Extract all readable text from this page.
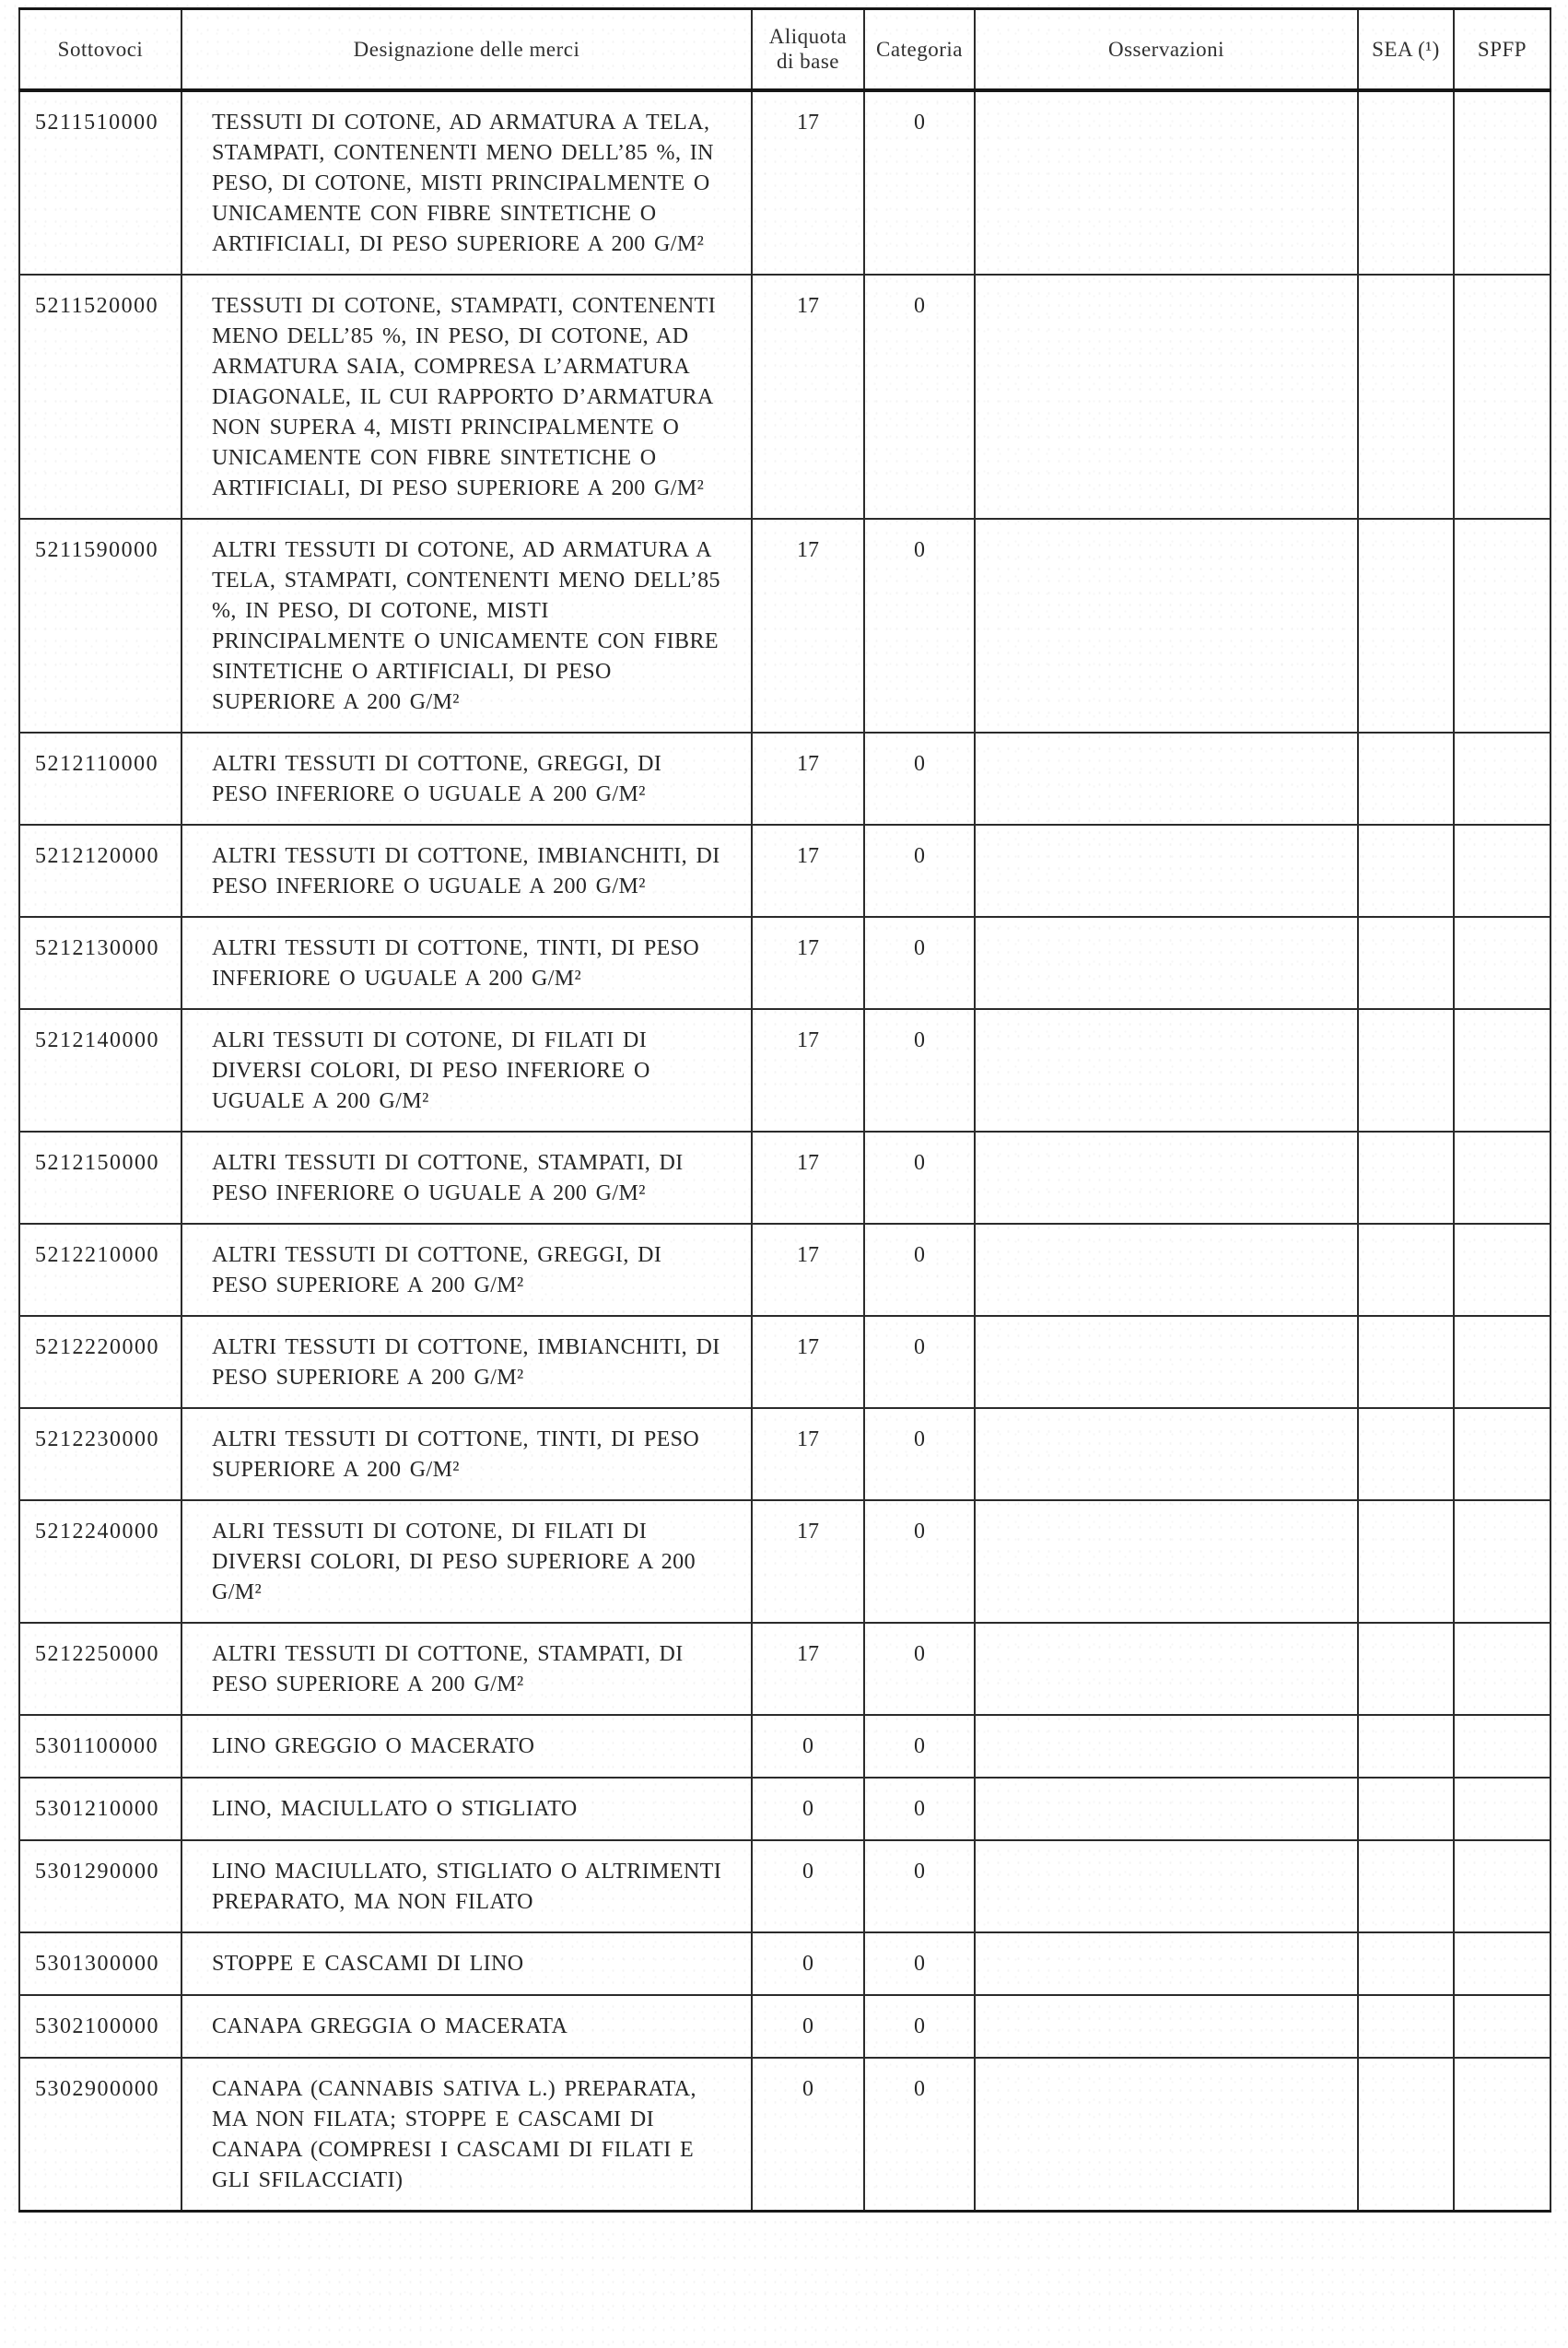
Sottovoci	Designazione delle merci	Aliquota di base	Categoria	Osservazioni	SEA (¹)	SPFP
5211510000	TESSUTI DI COTONE, AD ARMATURA A TELA, STAMPATI, CONTENENTI MENO DELL’85 %, IN PESO, DI COTONE, MISTI PRINCIPALMENTE O UNICAMENTE CON FIBRE SINTETICHE O ARTIFICIALI, DI PESO SUPERIORE A 200 G/M²	17	0			
5211520000	TESSUTI DI COTONE, STAMPATI, CONTENENTI MENO DELL’85 %, IN PESO, DI COTONE, AD ARMATURA SAIA, COMPRESA L’ARMATURA DIAGONALE, IL CUI RAPPORTO D’ARMATURA NON SUPERA 4, MISTI PRINCIPALMENTE O UNICAMENTE CON FIBRE SINTETICHE O ARTIFICIALI, DI PESO SUPERIORE A 200 G/M²	17	0			
5211590000	ALTRI TESSUTI DI COTONE, AD ARMATURA A TELA, STAMPATI, CONTENENTI MENO DELL’85 %, IN PESO, DI COTONE, MISTI PRINCIPALMENTE O UNICAMENTE CON FIBRE SINTETICHE O ARTIFICIALI, DI PESO SUPERIORE A 200 G/M²	17	0			
5212110000	ALTRI TESSUTI DI COTTONE, GREGGI, DI PESO INFERIORE O UGUALE A 200 G/M²	17	0			
5212120000	ALTRI TESSUTI DI COTTONE, IMBIANCHITI, DI PESO INFERIORE O UGUALE A 200 G/M²	17	0			
5212130000	ALTRI TESSUTI DI COTTONE, TINTI, DI PESO INFERIORE O UGUALE A 200 G/M²	17	0			
5212140000	ALRI TESSUTI DI COTONE, DI FILATI DI DIVERSI COLORI, DI PESO INFERIORE O UGUALE A 200 G/M²	17	0			
5212150000	ALTRI TESSUTI DI COTTONE, STAMPATI, DI PESO INFERIORE O UGUALE A 200 G/M²	17	0			
5212210000	ALTRI TESSUTI DI COTTONE, GREGGI, DI PESO SUPERIORE A 200 G/M²	17	0			
5212220000	ALTRI TESSUTI DI COTTONE, IMBIANCHITI, DI PESO SUPERIORE A 200 G/M²	17	0			
5212230000	ALTRI TESSUTI DI COTTONE, TINTI, DI PESO SUPERIORE A 200 G/M²	17	0			
5212240000	ALRI TESSUTI DI COTONE, DI FILATI DI DIVERSI COLORI, DI PESO SUPERIORE A 200 G/M²	17	0			
5212250000	ALTRI TESSUTI DI COTTONE, STAMPATI, DI PESO SUPERIORE A 200 G/M²	17	0			
5301100000	LINO GREGGIO O MACERATO	0	0			
5301210000	LINO, MACIULLATO O STIGLIATO	0	0			
5301290000	LINO MACIULLATO, STIGLIATO O ALTRIMENTI PREPARATO, MA NON FILATO	0	0			
5301300000	STOPPE E CASCAMI DI LINO	0	0			
5302100000	CANAPA GREGGIA O MACERATA	0	0			
5302900000	CANAPA (CANNABIS SATIVA L.) PREPARATA, MA NON FILATA; STOPPE E CASCAMI DI CANAPA (COMPRESI I CASCAMI DI FILATI E GLI SFILACCIATI)	0	0			
